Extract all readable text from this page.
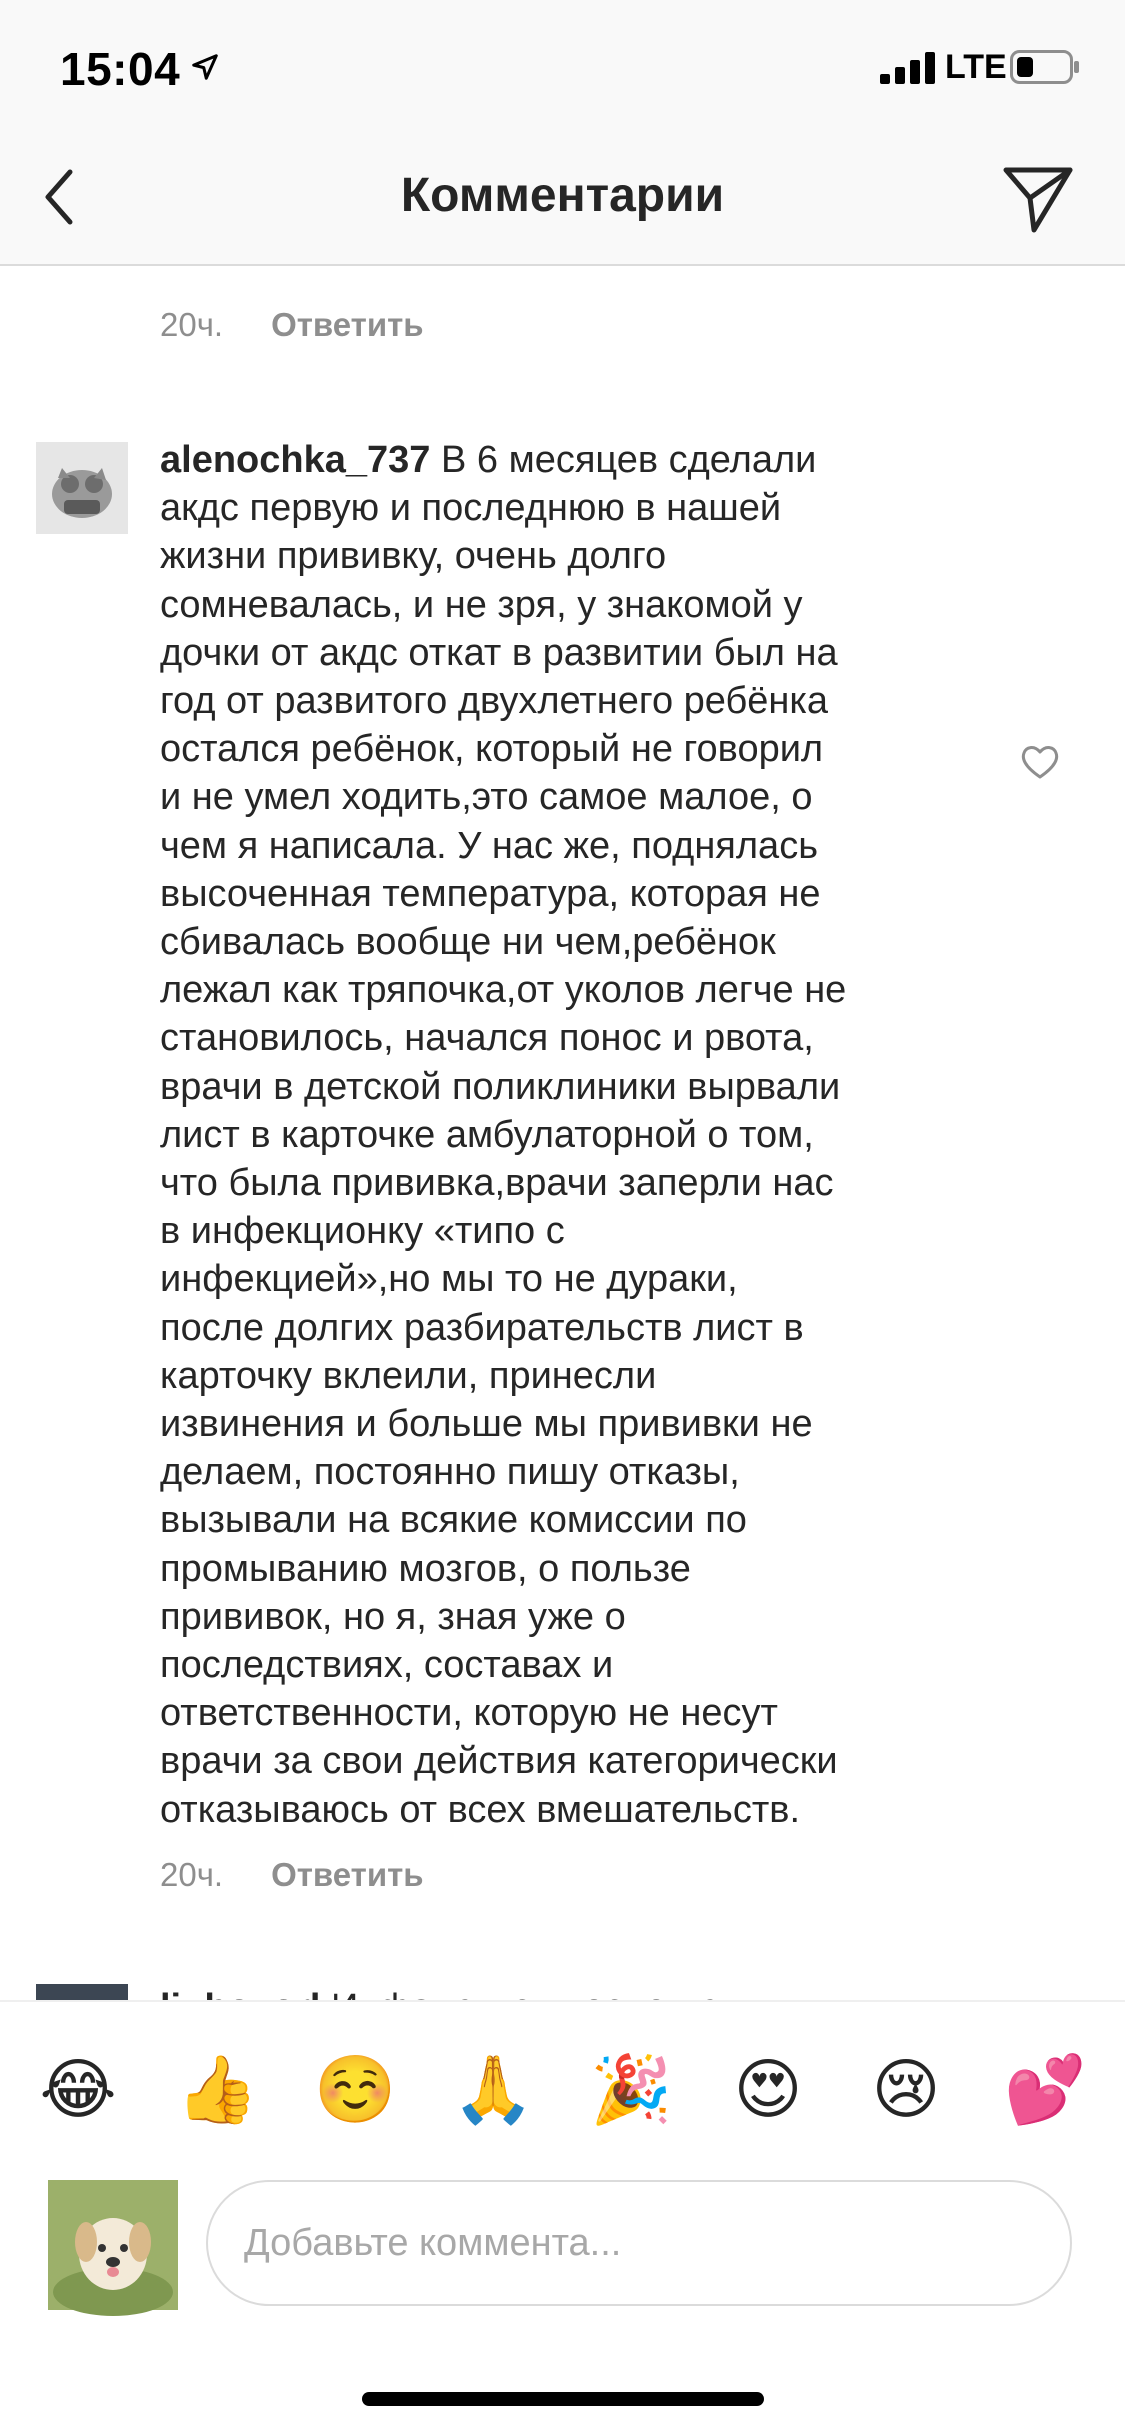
15:04	LTE
Комментарии
20ч. Ответить
alenochka_737 В 6 месяцев сделали
акдс первую и последнюю в нашей
жизни прививку, очень долго
сомневалась, и не зря, у знакомой у
дочки от акдс откат в развитии был на
год от развитого двухлетнего ребёнка
остался ребёнок, который не говорил
и не умел ходить,это самое малое, о
чем я написала. У нас же, поднялась
высоченная температура, которая не
сбивалась вообще ни чем,ребёнок
лежал как тряпочка,от уколов легче не
становилось, начался понос и рвота,
врачи в детской поликлиники вырвали
лист в карточке амбулаторной о том,
что была прививка,врачи заперли нас
в инфекционку «типо с
инфекцией»,но мы то не дураки,
после долгих разбирательств лист в
карточку вклеили, принесли
извинения и больше мы прививки не
делаем, постоянно пишу отказы,
вызывали на всякие комиссии по
промыванию мозгов, о пользе
прививок, но я, зная уже о
последствиях, составах и
ответственности, которую не несут
врачи за свои действия категорически
отказываюсь от всех вмешательств.
20ч. Ответить
😂 👍 ☺️ 🙏 🎉 😍 😢 💕
Добавьте коммента...
